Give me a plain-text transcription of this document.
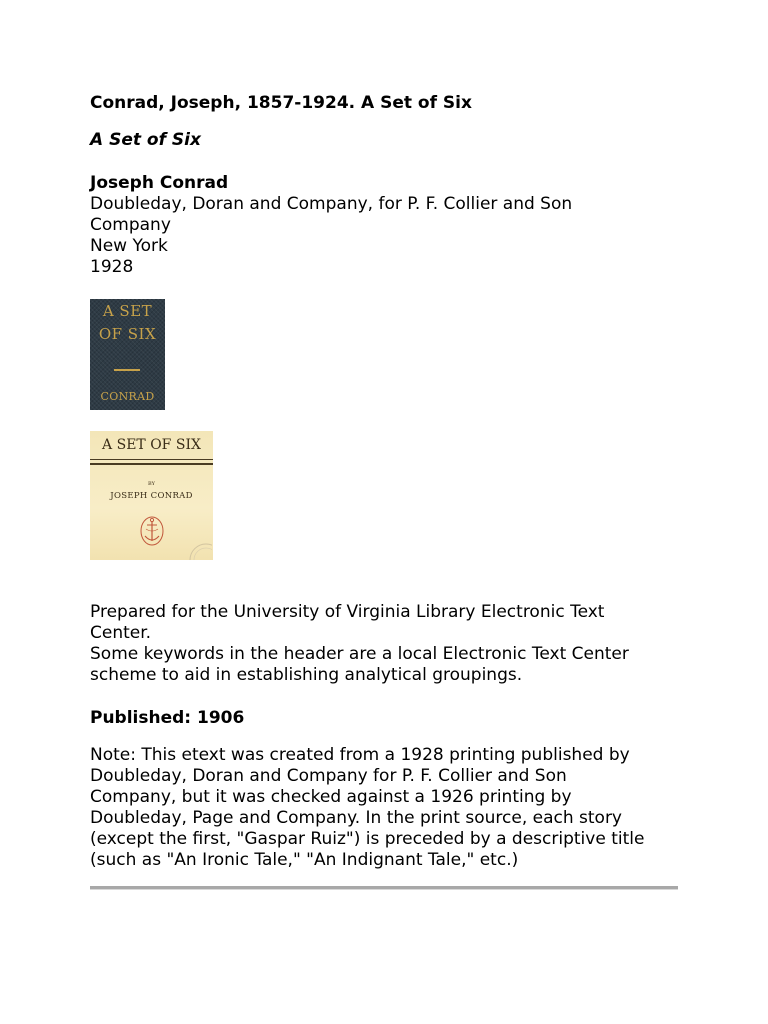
Conrad, Joseph, 1857-1924. A Set of Six

A Set of Six

Joseph Conrad

Doubleday, Doran and Company, for P. F. Collier and Son

Company

New York

1928

A SET
OF SIX
CONRAD
A SET OF SIX
BY
JOSEPH CONRAD

Prepared for the University of Virginia Library Electronic Text

Center.

Some keywords in the header are a local Electronic Text Center

scheme to aid in establishing analytical groupings.

Published: 1906

Note: This etext was created from a 1928 printing published by

Doubleday, Doran and Company for P. F. Collier and Son

Company, but it was checked against a 1926 printing by

Doubleday, Page and Company. In the print source, each story

(except the first, "Gaspar Ruiz") is preceded by a descriptive title

(such as "An Ironic Tale," "An Indignant Tale," etc.)
